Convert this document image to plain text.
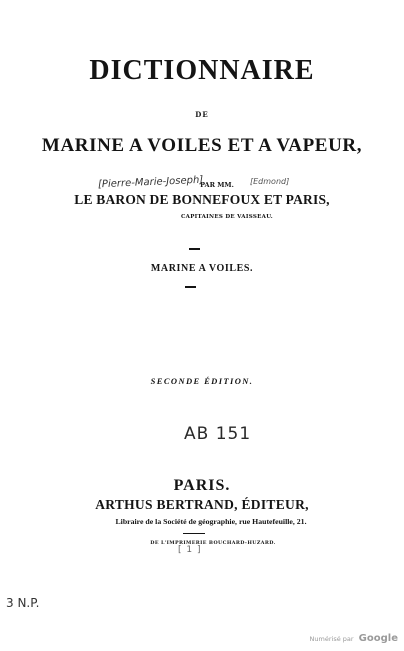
DICTIONNAIRE
DE
MARINE A VOILES ET A VAPEUR,
PAR MM.
[Pierre-Marie-Joseph]	[Edmond]
LE BARON DE BONNEFOUX ET PARIS,
CAPITAINES DE VAISSEAU.
MARINE A VOILES.
SECONDE ÉDITION.
AB 151
PARIS.
ARTHUS BERTRAND, ÉDITEUR,
Libraire de la Société de géographie, rue Hautefeuille, 21.
DE L'IMPRIMERIE BOUCHARD-HUZARD.
[ 1 ]
3 N.P.
Numérisé par Google
